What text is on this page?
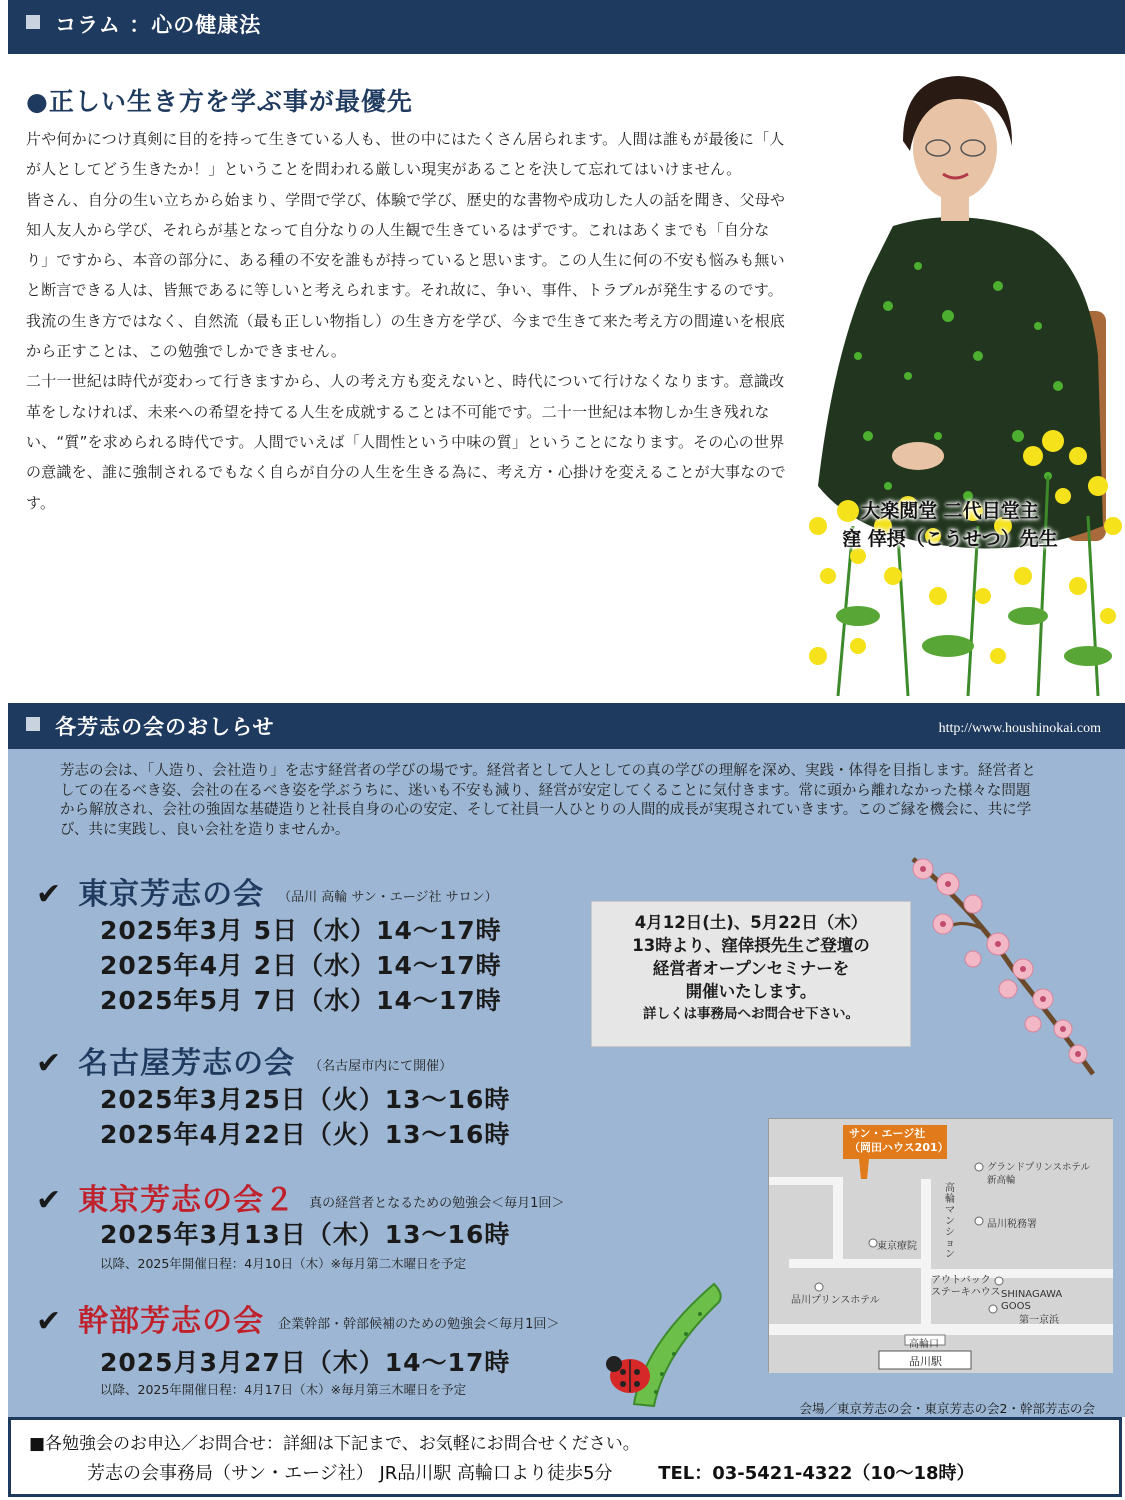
コラム ：心の健康法
●正しい生き方を学ぶ事が最優先

片や何かにつけ真剣に目的を持って生きている人も、世の中にはたくさん居られます。人間は誰もが最後に「人が人としてどう生きたか！」ということを問われる厳しい現実があることを決して忘れてはいけません。

皆さん、自分の生い立ちから始まり、学問で学び、体験で学び、歴史的な書物や成功した人の話を聞き、父母や知人友人から学び、それらが基となって自分なりの人生観で生きているはずです。これはあくまでも「自分なり」ですから、本音の部分に、ある種の不安を誰もが持っていると思います。この人生に何の不安も悩みも無いと断言できる人は、皆無であるに等しいと考えられます。それ故に、争い、事件、トラブルが発生するのです。我流の生き方ではなく、自然流（最も正しい物指し）の生き方を学び、今まで生きて来た考え方の間違いを根底から正すことは、この勉強でしかできません。

二十一世紀は時代が変わって行きますから、人の考え方も変えないと、時代について行けなくなります。意識改革をしなければ、未来への希望を持てる人生を成就することは不可能です。二十一世紀は本物しか生き残れない、“質”を求められる時代です。人間でいえば「人間性という中味の質」ということになります。その心の世界の意識を、誰に強制されるでもなく自らが自分の人生を生きる為に、考え方・心掛けを変えることが大事なのです。	大楽閲堂 二代目堂主
窪 倖摂（こうせつ）先生
各芳志の会のおしらせ	http://www.houshinokai.com
芳志の会は、「人造り、会社造り」を志す経営者の学びの場です。経営者として人としての真の学びの理解を深め、実践・体得を目指します。経営者としての在るべき姿、会社の在るべき姿を学ぶうちに、迷いも不安も減り、経営が安定してくることに気付きます。常に頭から離れなかった様々な問題から解放され、会社の強固な基礎造りと社長自身の心の安定、そして社員一人ひとりの人間的成長が実現されていきます。このご縁を機会に、共に学び、共に実践し、良い会社を造りませんか。
✔ 東京芳志の会 （品川 高輪 サン・エージ社 サロン）
2025年3月 5日（水）14～17時
2025年4月 2日（水）14～17時
2025年5月 7日（水）14～17時
✔ 名古屋芳志の会 （名古屋市内にて開催）
2025年3月25日（火）13～16時
2025年4月22日（火）13～16時
✔ 東京芳志の会２ 真の経営者となるための勉強会＜毎月1回＞
2025年3月13日（木）13～16時
以降、2025年開催日程：4月10日（木）※毎月第二木曜日を予定
✔ 幹部芳志の会 企業幹部・幹部候補のための勉強会＜毎月1回＞
2025月3月27日（木）14～17時
以降、2025年開催日程：4月17日（木）※毎月第三木曜日を予定
4月12日(土)、5月22日（木）
13時より、窪倖摂先生ご登壇の
経営者オープンセミナーを
開催いたします。
詳しくは事務局へお問合せ下さい。
サン・エージ社
（岡田ハウス201）
高輪マンション
グランドプリンスホテル
新高輪
品川税務署
東京療院
アウトバック
ステーキハウス
品川プリンスホテル
SHINAGAWA
GOOS
第一京浜
高輪口
品川駅
会場／東京芳志の会・東京芳志の会2・幹部芳志の会
■各勉強会のお申込／お問合せ：詳細は下記まで、お気軽にお問合せください。
芳志の会事務局（サン・エージ社） JR品川駅 高輪口より徒歩5分	TEL：03-5421-4322（10～18時）
